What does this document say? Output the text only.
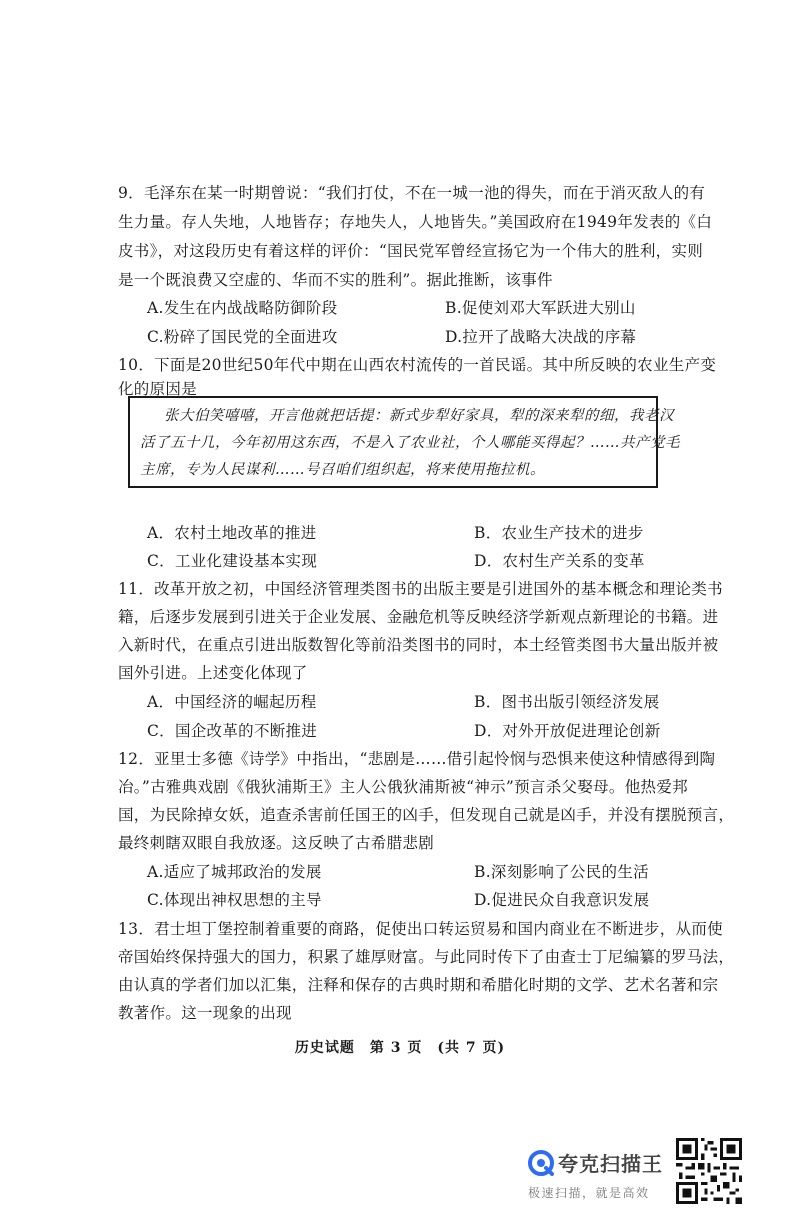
9．毛泽东在某一时期曾说：“我们打仗，不在一城一池的得失，而在于消灭敌人的有
生力量。存人失地，人地皆存；存地失人，人地皆失。”美国政府在1949年发表的《白
皮书》，对这段历史有着这样的评价：“国民党军曾经宣扬它为一个伟大的胜利，实则
是一个既浪费又空虚的、华而不实的胜利”。据此推断，该事件
A.发生在内战战略防御阶段	B.促使刘邓大军跃进大别山
C.粉碎了国民党的全面进攻	D.拉开了战略大决战的序幕
10．下面是20世纪50年代中期在山西农村流传的一首民谣。其中所反映的农业生产变
化的原因是
张大伯笑嘻嘻，开言他就把话提：新式步犁好家具，犁的深来犁的细，我老汉
活了五十几，今年初用这东西，不是入了农业社，个人哪能买得起？……共产党毛
主席，专为人民谋利……号召咱们组织起，将来使用拖拉机。
A．农村土地改革的推进	B．农业生产技术的进步
C．工业化建设基本实现	D．农村生产关系的变革
11．改革开放之初，中国经济管理类图书的出版主要是引进国外的基本概念和理论类书
籍，后逐步发展到引进关于企业发展、金融危机等反映经济学新观点新理论的书籍。进
入新时代，在重点引进出版数智化等前沿类图书的同时，本土经管类图书大量出版并被
国外引进。上述变化体现了
A．中国经济的崛起历程	B．图书出版引领经济发展
C．国企改革的不断推进	D．对外开放促进理论创新
12．亚里士多德《诗学》中指出，“悲剧是……借引起怜悯与恐惧来使这种情感得到陶
冶。”古雅典戏剧《俄狄浦斯王》主人公俄狄浦斯被“神示”预言杀父娶母。他热爱邦
国，为民除掉女妖，追查杀害前任国王的凶手，但发现自己就是凶手，并没有摆脱预言，
最终刺瞎双眼自我放逐。这反映了古希腊悲剧
A.适应了城邦政治的发展	B.深刻影响了公民的生活
C.体现出神权思想的主导	D.促进民众自我意识发展
13．君士坦丁堡控制着重要的商路，促使出口转运贸易和国内商业在不断进步，从而使
帝国始终保持强大的国力，积累了雄厚财富。与此同时传下了由查士丁尼编纂的罗马法，
由认真的学者们加以汇集，注释和保存的古典时期和希腊化时期的文学、艺术名著和宗
教著作。这一现象的出现
历史试题　第 3 页　(共 7 页)
夸克扫描王
极速扫描，就是高效
